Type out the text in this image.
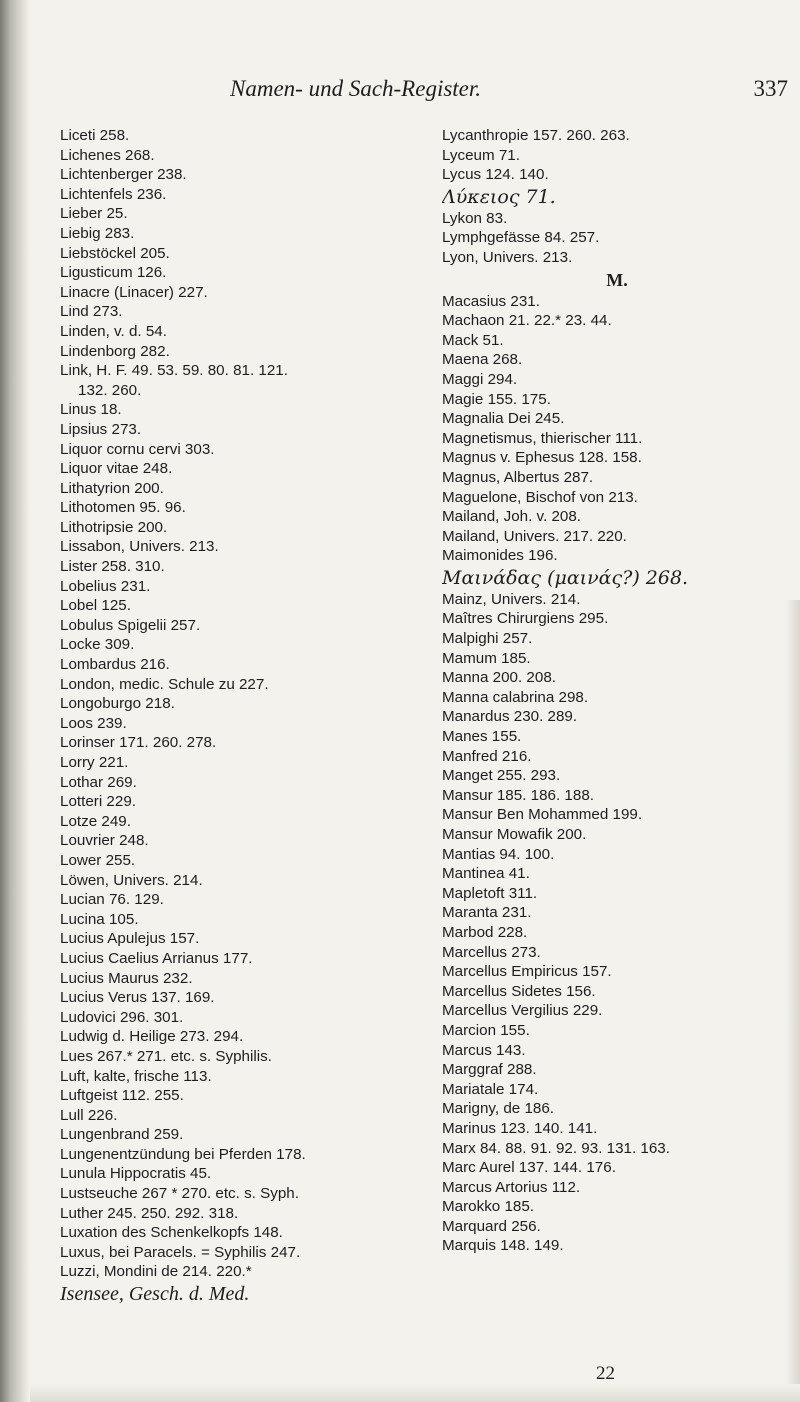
Namen- und Sach-Register.	337
Liceti 258.
Lichenes 268.
Lichtenberger 238.
Lichtenfels 236.
Lieber 25.
Liebig 283.
Liebstöckel 205.
Ligusticum 126.
Linacre (Linacer) 227.
Lind 273.
Linden, v. d. 54.
Lindenborg 282.
Link, H. F. 49. 53. 59. 80. 81. 121.
132. 260.
Linus 18.
Lipsius 273.
Liquor cornu cervi 303.
Liquor vitae 248.
Lithatyrion 200.
Lithotomen 95. 96.
Lithotripsie 200.
Lissabon, Univers. 213.
Lister 258. 310.
Lobelius 231.
Lobel 125.
Lobulus Spigelii 257.
Locke 309.
Lombardus 216.
London, medic. Schule zu 227.
Longoburgo 218.
Loos 239.
Lorinser 171. 260. 278.
Lorry 221.
Lothar 269.
Lotteri 229.
Lotze 249.
Louvrier 248.
Lower 255.
Löwen, Univers. 214.
Lucian 76. 129.
Lucina 105.
Lucius Apulejus 157.
Lucius Caelius Arrianus 177.
Lucius Maurus 232.
Lucius Verus 137. 169.
Ludovici 296. 301.
Ludwig d. Heilige 273. 294.
Lues 267.* 271. etc. s. Syphilis.
Luft, kalte, frische 113.
Luftgeist 112. 255.
Lull 226.
Lungenbrand 259.
Lungenentzündung bei Pferden 178.
Lunula Hippocratis 45.
Lustseuche 267 * 270. etc. s. Syph.
Luther 245. 250. 292. 318.
Luxation des Schenkelkopfs 148.
Luxus, bei Paracels. = Syphilis 247.
Luzzi, Mondini de 214. 220.*
Isensee, Gesch. d. Med.
Lycanthropie 157. 260. 263.
Lyceum 71.
Lycus 124. 140.
Λύκειος 71.
Lykon 83.
Lymphgefässe 84. 257.
Lyon, Univers. 213.
M.
Macasius 231.
Machaon 21. 22.* 23. 44.
Mack 51.
Maena 268.
Maggi 294.
Magie 155. 175.
Magnalia Dei 245.
Magnetismus, thierischer 111.
Magnus v. Ephesus 128. 158.
Magnus, Albertus 287.
Maguelone, Bischof von 213.
Mailand, Joh. v. 208.
Mailand, Univers. 217. 220.
Maimonides 196.
Μαινάδας (μαινάς?) 268.
Mainz, Univers. 214.
Maîtres Chirurgiens 295.
Malpighi 257.
Mamum 185.
Manna 200. 208.
Manna calabrina 298.
Manardus 230. 289.
Manes 155.
Manfred 216.
Manget 255. 293.
Mansur 185. 186. 188.
Mansur Ben Mohammed 199.
Mansur Mowafik 200.
Mantias 94. 100.
Mantinea 41.
Mapletoft 311.
Maranta 231.
Marbod 228.
Marcellus 273.
Marcellus Empiricus 157.
Marcellus Sidetes 156.
Marcellus Vergilius 229.
Marcion 155.
Marcus 143.
Marggraf 288.
Mariatale 174.
Marigny, de 186.
Marinus 123. 140. 141.
Marx 84. 88. 91. 92. 93. 131. 163.
Marc Aurel 137. 144. 176.
Marcus Artorius 112.
Marokko 185.
Marquard 256.
Marquis 148. 149.
22
